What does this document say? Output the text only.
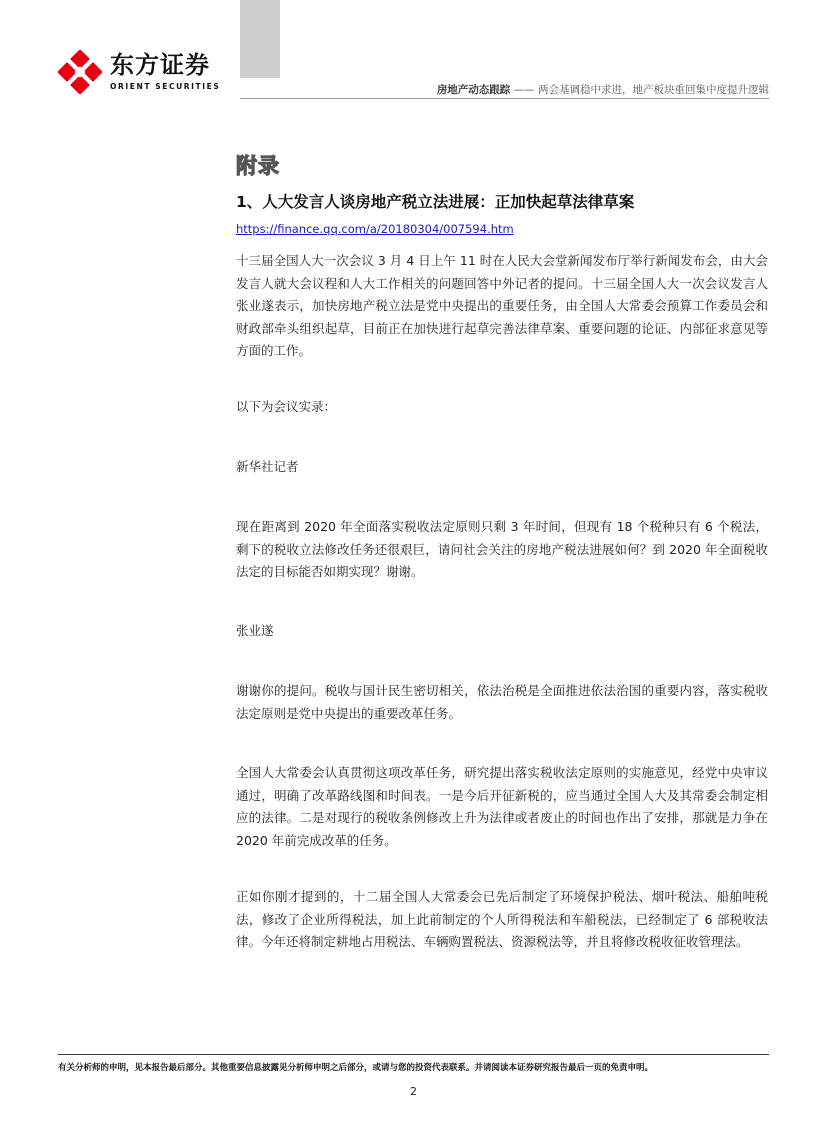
东方证券
ORIENT SECURITIES	房地产动态跟踪 —— 两会基调稳中求进，地产板块重回集中度提升逻辑
附录
1、人大发言人谈房地产税立法进展：正加快起草法律草案
https://finance.qq.com/a/20180304/007594.htm

十三届全国人大一次会议 3 月 4 日上午 11 时在人民大会堂新闻发布厅举行新闻发布会，由大会发言人就大会议程和人大工作相关的问题回答中外记者的提问。十三届全国人大一次会议发言人张业遂表示，加快房地产税立法是党中央提出的重要任务，由全国人大常委会预算工作委员会和财政部牵头组织起草，目前正在加快进行起草完善法律草案、重要问题的论证、内部征求意见等方面的工作。

以下为会议实录：

新华社记者

现在距离到 2020 年全面落实税收法定原则只剩 3 年时间，但现有 18 个税种只有 6 个税法，剩下的税收立法修改任务还很艰巨，请问社会关注的房地产税法进展如何？到 2020 年全面税收法定的目标能否如期实现？谢谢。

张业遂

谢谢你的提问。税收与国计民生密切相关，依法治税是全面推进依法治国的重要内容，落实税收法定原则是党中央提出的重要改革任务。

全国人大常委会认真贯彻这项改革任务，研究提出落实税收法定原则的实施意见，经党中央审议通过，明确了改革路线图和时间表。一是今后开征新税的，应当通过全国人大及其常委会制定相应的法律。二是对现行的税收条例修改上升为法律或者废止的时间也作出了安排，那就是力争在 2020 年前完成改革的任务。

正如你刚才提到的，十二届全国人大常委会已先后制定了环境保护税法、烟叶税法、船舶吨税法，修改了企业所得税法，加上此前制定的个人所得税法和车船税法，已经制定了 6 部税收法律。今年还将制定耕地占用税法、车辆购置税法、资源税法等，并且将修改税收征收管理法。

有关分析师的申明，见本报告最后部分。其他重要信息披露见分析师申明之后部分，或请与您的投资代表联系。并请阅读本证券研究报告最后一页的免责申明。
2
